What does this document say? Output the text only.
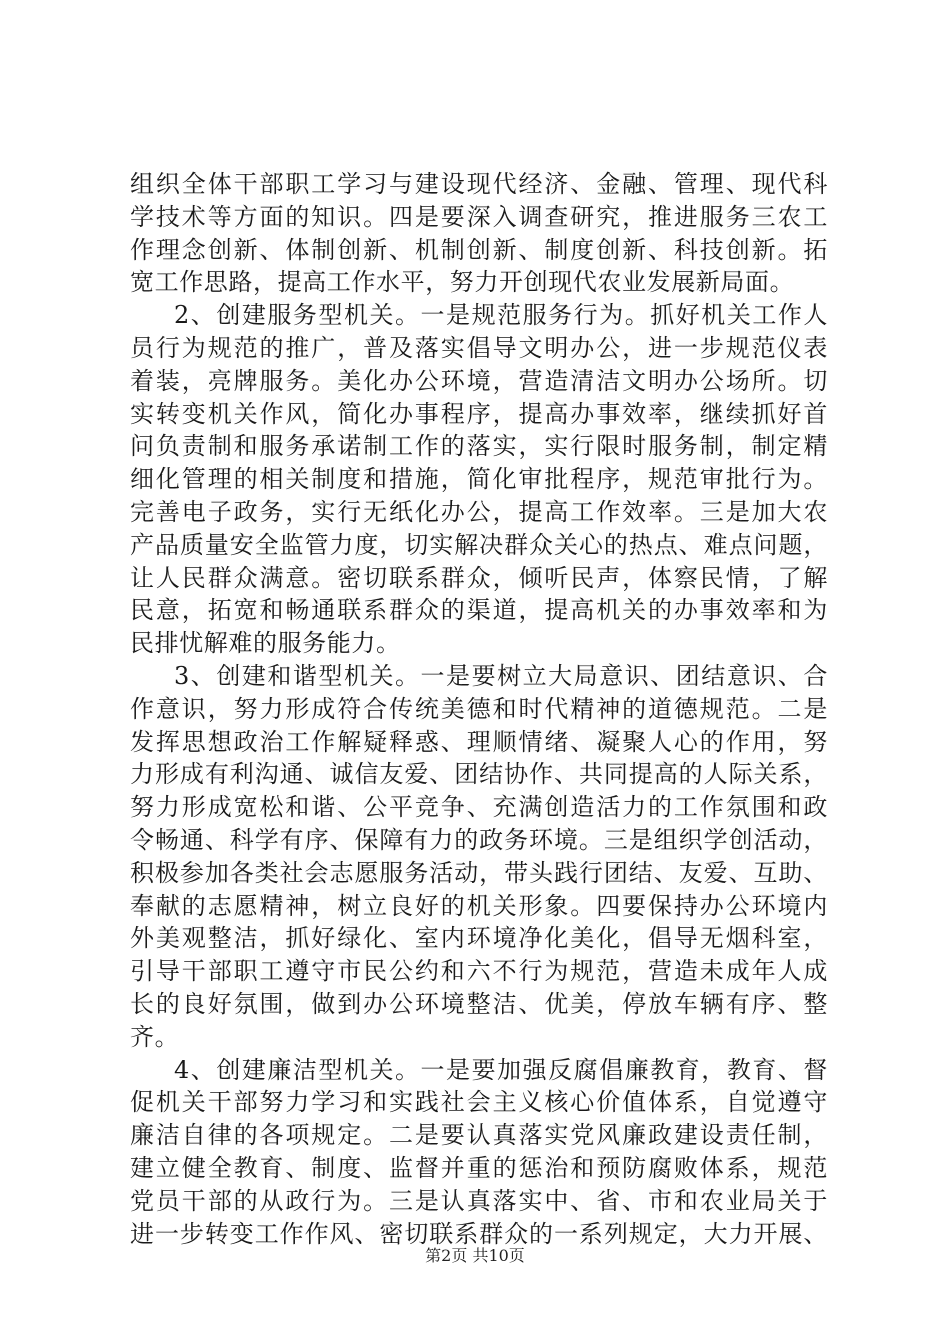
组织全体干部职工学习与建设现代经济、金融、管理、现代科
学技术等方面的知识。四是要深入调查研究，推进服务三农工
作理念创新、体制创新、机制创新、制度创新、科技创新。拓
宽工作思路，提高工作水平，努力开创现代农业发展新局面。
2、创建服务型机关。一是规范服务行为。抓好机关工作人
员行为规范的推广，普及落实倡导文明办公，进一步规范仪表
着装，亮牌服务。美化办公环境，营造清洁文明办公场所。切
实转变机关作风，简化办事程序，提高办事效率，继续抓好首
问负责制和服务承诺制工作的落实，实行限时服务制，制定精
细化管理的相关制度和措施，简化审批程序，规范审批行为。
完善电子政务，实行无纸化办公，提高工作效率。三是加大农
产品质量安全监管力度，切实解决群众关心的热点、难点问题，
让人民群众满意。密切联系群众，倾听民声，体察民情，了解
民意，拓宽和畅通联系群众的渠道，提高机关的办事效率和为
民排忧解难的服务能力。
3、创建和谐型机关。一是要树立大局意识、团结意识、合
作意识，努力形成符合传统美德和时代精神的道德规范。二是
发挥思想政治工作解疑释惑、理顺情绪、凝聚人心的作用，努
力形成有利沟通、诚信友爱、团结协作、共同提高的人际关系，
努力形成宽松和谐、公平竞争、充满创造活力的工作氛围和政
令畅通、科学有序、保障有力的政务环境。三是组织学创活动，
积极参加各类社会志愿服务活动，带头践行团结、友爱、互助、
奉献的志愿精神，树立良好的机关形象。四要保持办公环境内
外美观整洁，抓好绿化、室内环境净化美化，倡导无烟科室，
引导干部职工遵守市民公约和六不行为规范，营造未成年人成
长的良好氛围，做到办公环境整洁、优美，停放车辆有序、整
齐。
4、创建廉洁型机关。一是要加强反腐倡廉教育，教育、督
促机关干部努力学习和实践社会主义核心价值体系，自觉遵守
廉洁自律的各项规定。二是要认真落实党风廉政建设责任制，
建立健全教育、制度、监督并重的惩治和预防腐败体系，规范
党员干部的从政行为。三是认真落实中、省、市和农业局关于
进一步转变工作作风、密切联系群众的一系列规定，大力开展、
第2页 共10页
